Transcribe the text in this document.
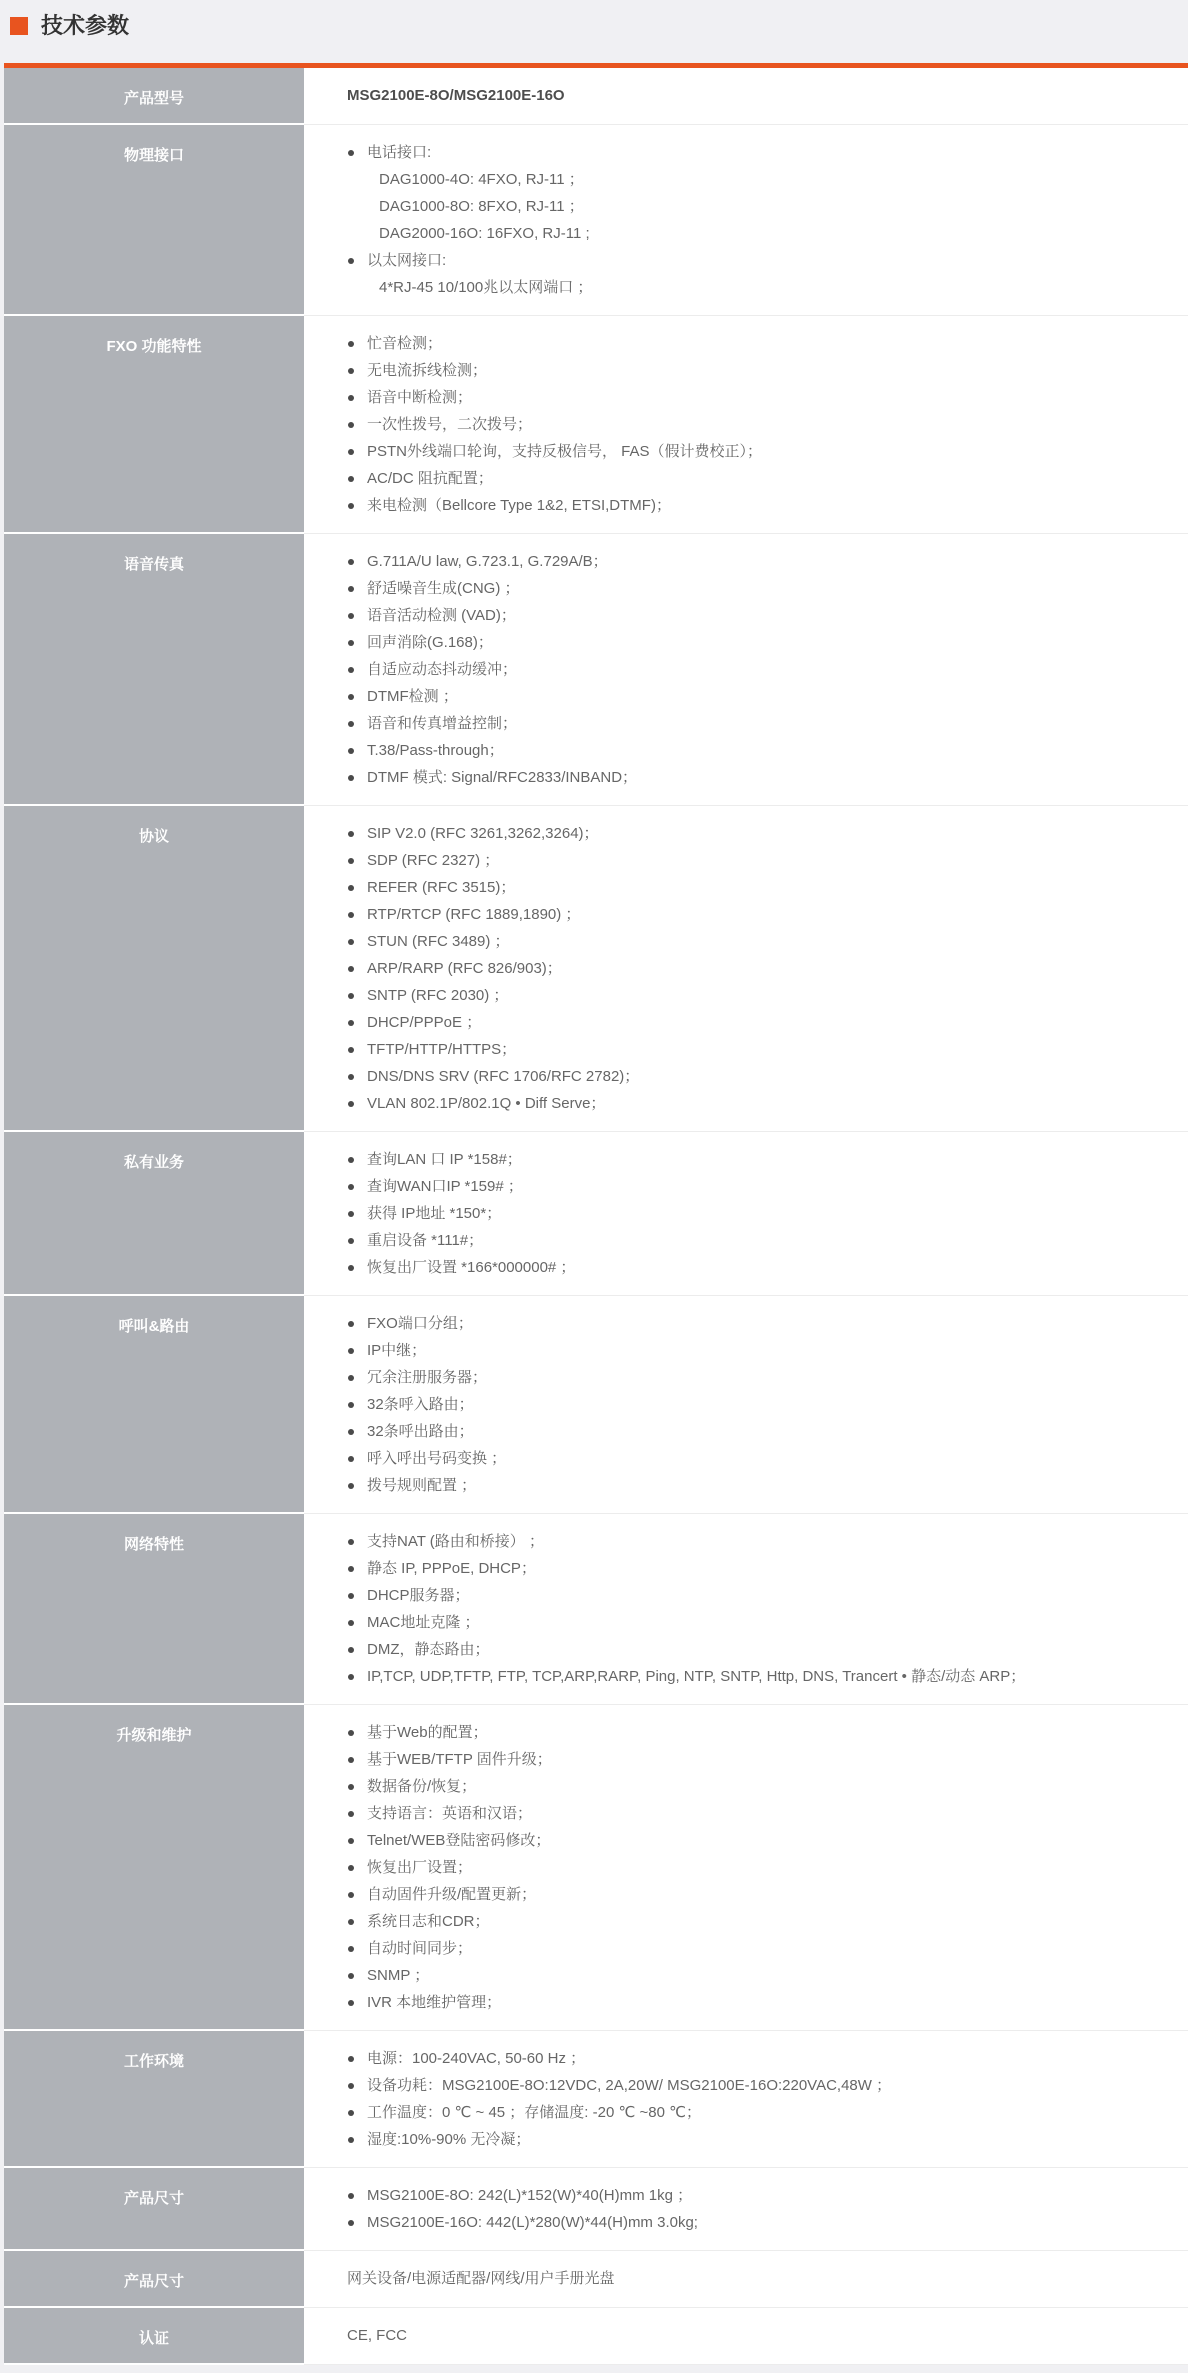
技术参数
产品型号	MSG2100E-8O/MSG2100E-16O
物理接口	电话接口:
DAG1000-4O: 4FXO, RJ-11 ；
DAG1000-8O: 8FXO, RJ-11 ；
DAG2000-16O: 16FXO, RJ-11 ;
以太网接口:
4*RJ-45 10/100兆以太网端口 ；
FXO 功能特性	忙音检测；
无电流拆线检测；
语音中断检测；
一次性拨号，二次拨号；
PSTN外线端口轮询，支持反极信号， FAS（假计费校正）；
AC/DC 阻抗配置；
来电检测（Bellcore Type 1&2, ETSI,DTMF)；
语音传真	G.711A/U law, G.723.1, G.729A/B；
舒适噪音生成(CNG) ；
语音活动检测 (VAD)；
回声消除(G.168)；
自适应动态抖动缓冲；
DTMF检测 ；
语音和传真增益控制；
T.38/Pass-through；
DTMF 模式: Signal/RFC2833/INBAND；
协议	SIP V2.0 (RFC 3261,3262,3264)；
SDP (RFC 2327) ；
REFER (RFC 3515)；
RTP/RTCP (RFC 1889,1890) ；
STUN (RFC 3489) ；
ARP/RARP (RFC 826/903)；
SNTP (RFC 2030) ；
DHCP/PPPoE ；
TFTP/HTTP/HTTPS；
DNS/DNS SRV (RFC 1706/RFC 2782)；
VLAN 802.1P/802.1Q • Diff Serve；
私有业务	查询LAN 口 IP *158#；
查询WAN口IP *159# ；
获得 IP地址 *150*；
重启设备 *111#；
恢复出厂设置 *166*000000# ；
呼叫&路由	FXO端口分组；
IP中继；
冗余注册服务器；
32条呼入路由；
32条呼出路由；
呼入呼出号码变换 ；
拨号规则配置 ；
网络特性	支持NAT (路由和桥接） ；
静态 IP, PPPoE, DHCP；
DHCP服务器；
MAC地址克隆 ；
DMZ，静态路由；
IP,TCP, UDP,TFTP, FTP, TCP,ARP,RARP, Ping, NTP, SNTP, Http, DNS, Trancert • 静态/动态 ARP；
升级和维护	基于Web的配置；
基于WEB/TFTP 固件升级；
数据备份/恢复；
支持语言：英语和汉语；
Telnet/WEB登陆密码修改；
恢复出厂设置；
自动固件升级/配置更新；
系统日志和CDR；
自动时间同步；
SNMP ；
IVR 本地维护管理；
工作环境	电源：100-240VAC, 50-60 Hz ；
设备功耗：MSG2100E-8O:12VDC, 2A,20W/ MSG2100E-16O:220VAC,48W ；
工作温度：0 ℃ ~ 45 ；存储温度: -20 ℃ ~80 ℃；
湿度:10%-90% 无冷凝；
产品尺寸	MSG2100E-8O: 242(L)*152(W)*40(H)mm 1kg ；
MSG2100E-16O: 442(L)*280(W)*44(H)mm 3.0kg;
产品尺寸	网关设备/电源适配器/网线/用户手册光盘
认证	CE, FCC
